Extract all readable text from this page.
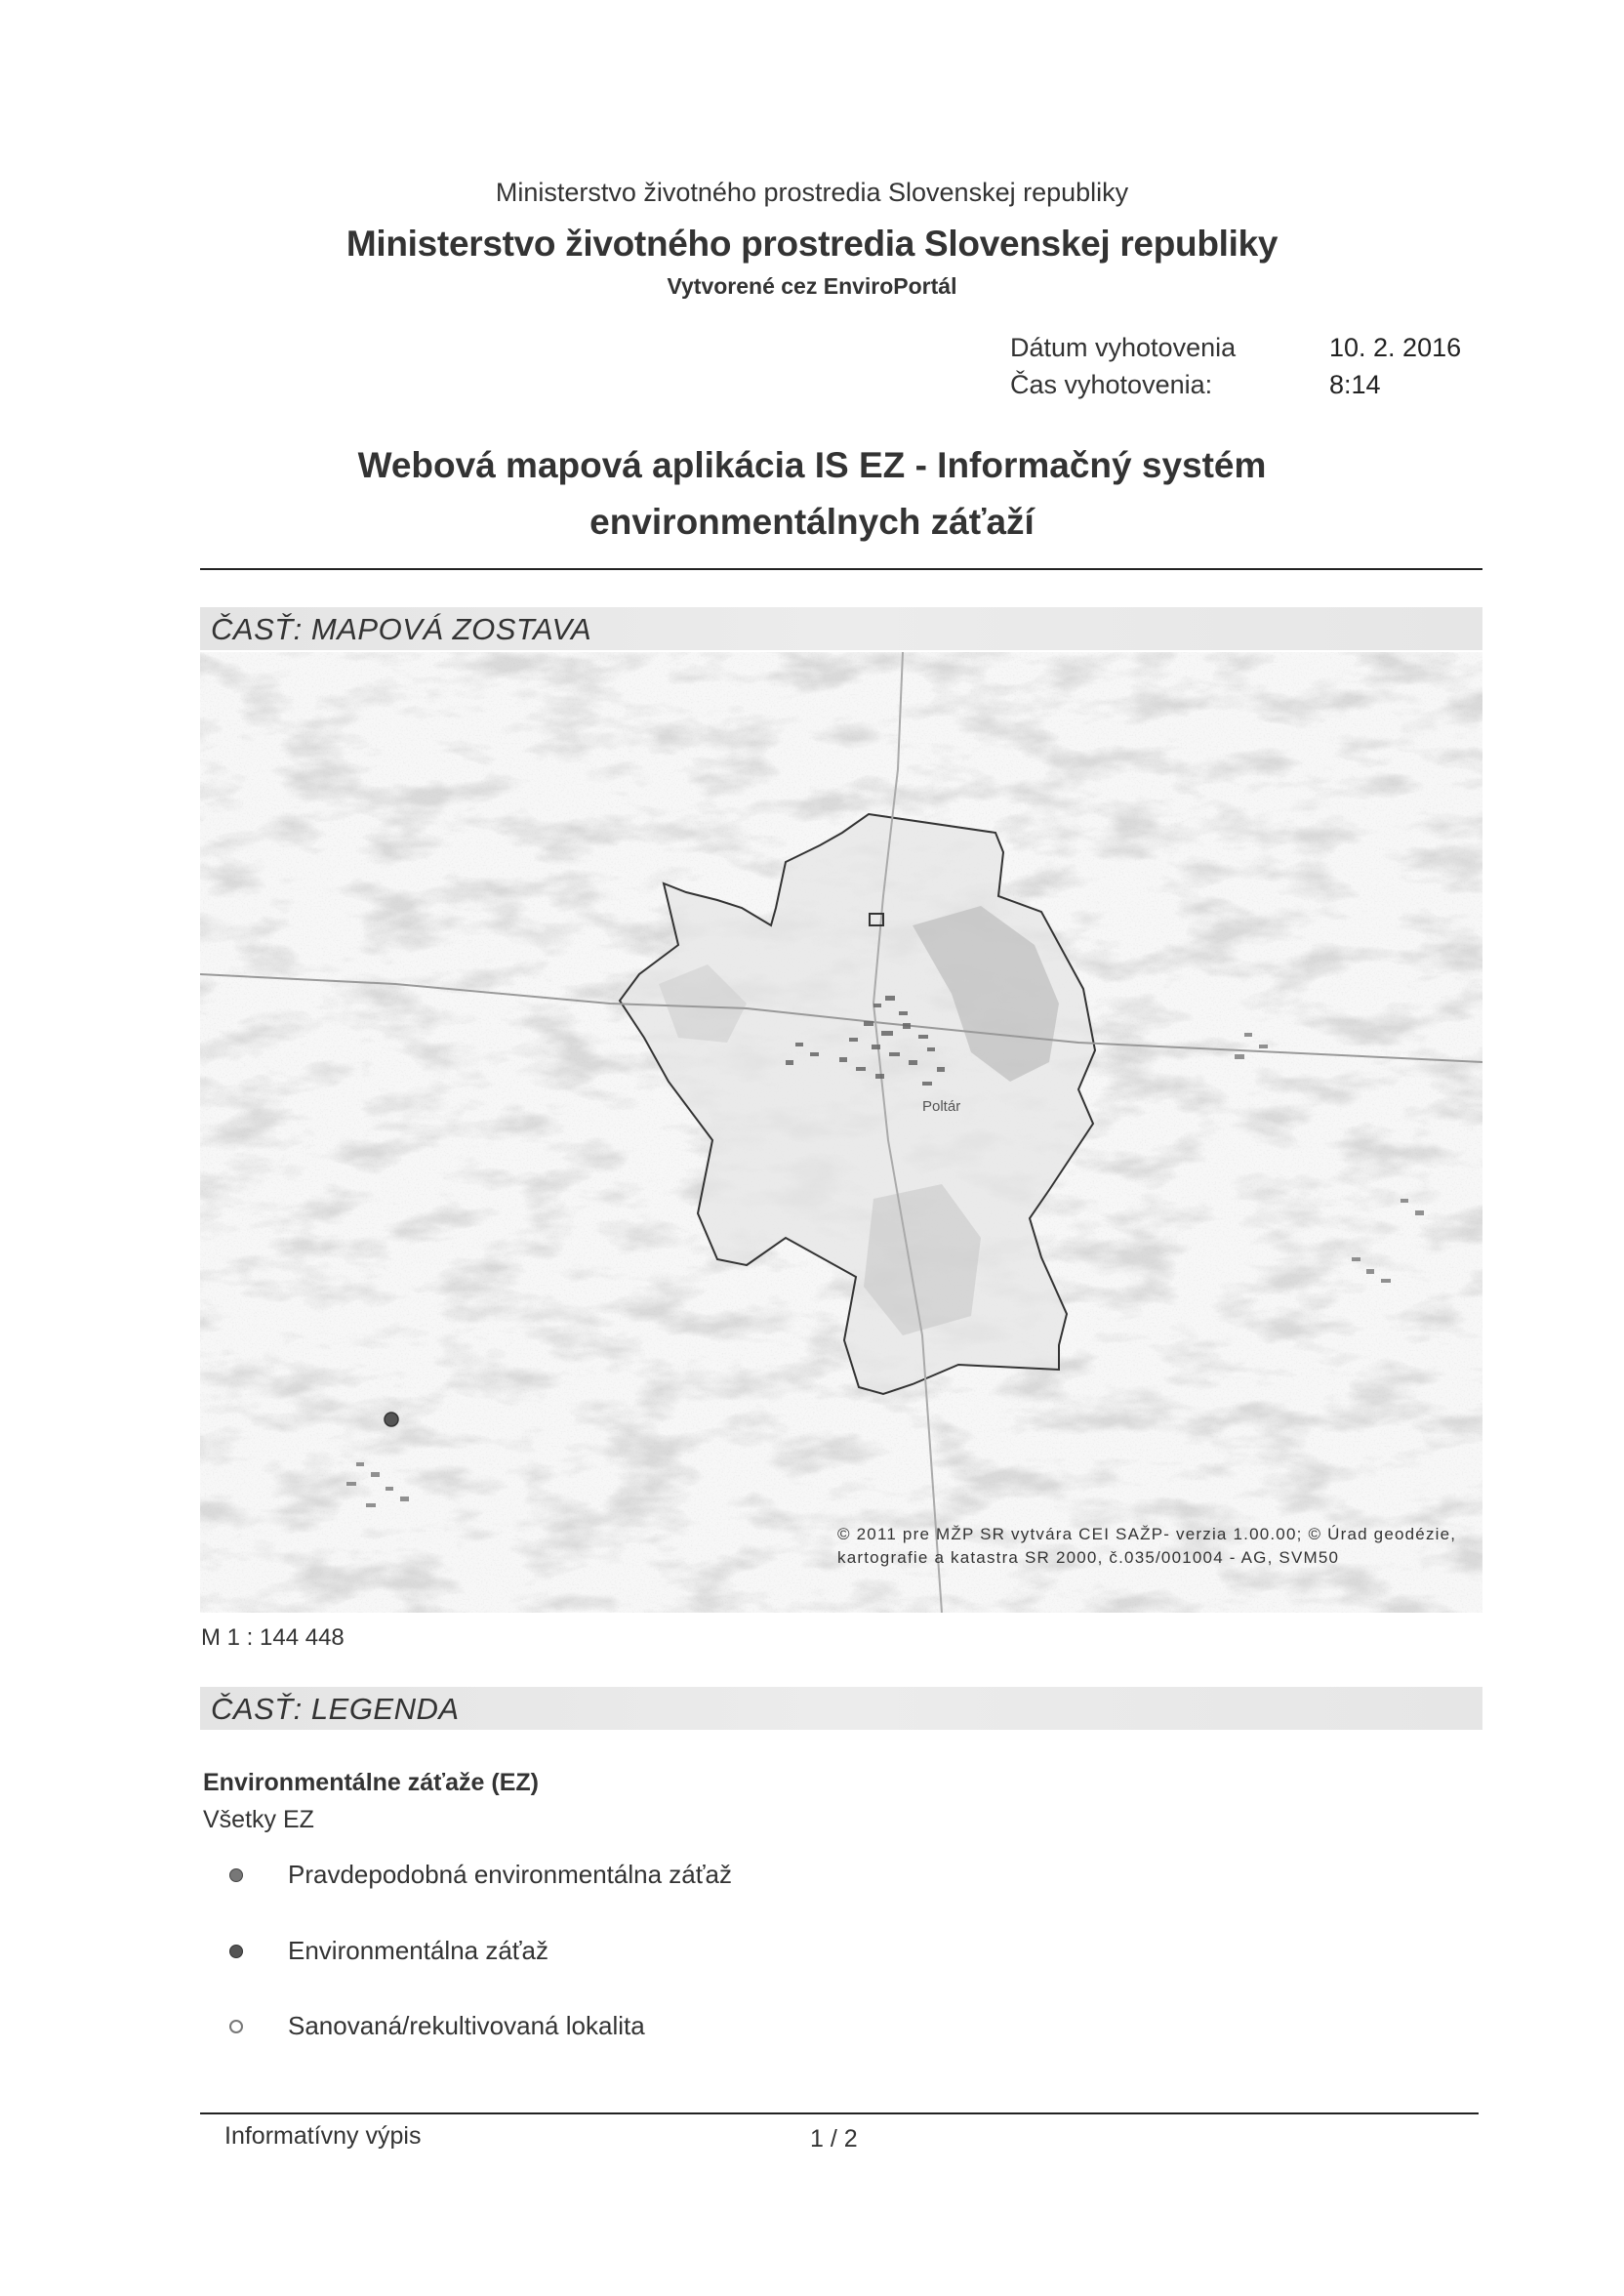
Ministerstvo životného prostredia Slovenskej republiky
Ministerstvo životného prostredia Slovenskej republiky
Vytvorené cez EnviroPortál
Dátum vyhotovenia	10. 2. 2016
Čas vyhotovenia:	8:14
Webová mapová aplikácia IS EZ - Informačný systém environmentálnych záťaží
ČASŤ: MAPOVÁ ZOSTAVA
Poltár
© 2011 pre MŽP SR vytvára CEI SAŽP- verzia 1.00.00; © Úrad geodézie, kartografie a katastra SR 2000, č.035/001004 - AG, SVM50
M 1 : 144 448
ČASŤ: LEGENDA
Environmentálne záťaže (EZ)
Všetky EZ
Pravdepodobná environmentálna záťaž
Environmentálna záťaž
Sanovaná/rekultivovaná lokalita
Informatívny výpis	1 / 2
